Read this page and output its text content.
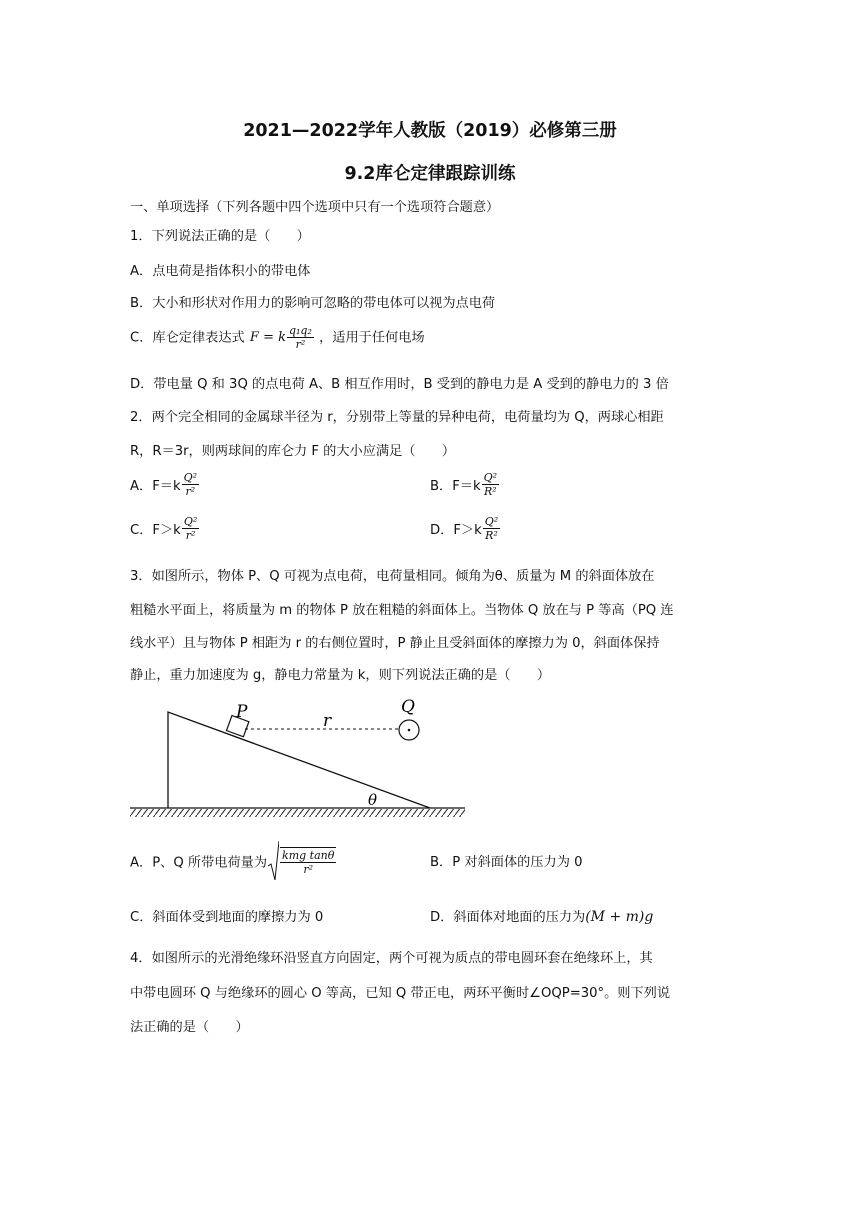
2021—2022学年人教版（2019）必修第三册
9.2库仑定律跟踪训练
一、单项选择（下列各题中四个选项中只有一个选项符合题意）
1．下列说法正确的是（　　）
A．点电荷是指体积小的带电体
B．大小和形状对作用力的影响可忽略的带电体可以视为点电荷
C．库仑定律表达式 F = k $\frac{\text{q₁q₂}}{\text{r²}}$ ，适用于任何电场
D．带电量 Q 和 3Q 的点电荷 A、B 相互作用时，B 受到的静电力是 A 受到的静电力的 3 倍
2．两个完全相同的金属球半径为 r，分别带上等量的异种电荷，电荷量均为 Q，两球心相距
R，R＝3r，则两球间的库仑力 F 的大小应满足（　　）
A．$F=k \frac{\text{Q²}}{\text{r²}}$	B．$F=k \frac{\text{Q²}}{\text{R²}}$
C．$F>k \frac{\text{Q²}}{\text{r²}}$	D．$F>k \frac{\text{Q²}}{\text{R²}}$
3．如图所示，物体 P、Q 可视为点电荷，电荷量相同。倾角为θ、质量为 M 的斜面体放在
粗糙水平面上，将质量为 m 的物体 P 放在粗糙的斜面体上。当物体 Q 放在与 P 等高（PQ 连
线水平）且与物体 P 相距为 r 的右侧位置时，P 静止且受斜面体的摩擦力为 0，斜面体保持
静止，重力加速度为 g，静电力常量为 k，则下列说法正确的是（　　）
P	r
Q
θ
A．P、Q 所带电荷量为 $\frac{\text{kmg tanθ}}{\text{r²}}$	B．P 对斜面体的压力为 0
C．斜面体受到地面的摩擦力为 0	D．斜面体对地面的压力为(M + m)g
4．如图所示的光滑绝缘环沿竖直方向固定，两个可视为质点的带电圆环套在绝缘环上，其
中带电圆环 Q 与绝缘环的圆心 O 等高，已知 Q 带正电，两环平衡时∠OQP=30°。则下列说
法正确的是（　　）
